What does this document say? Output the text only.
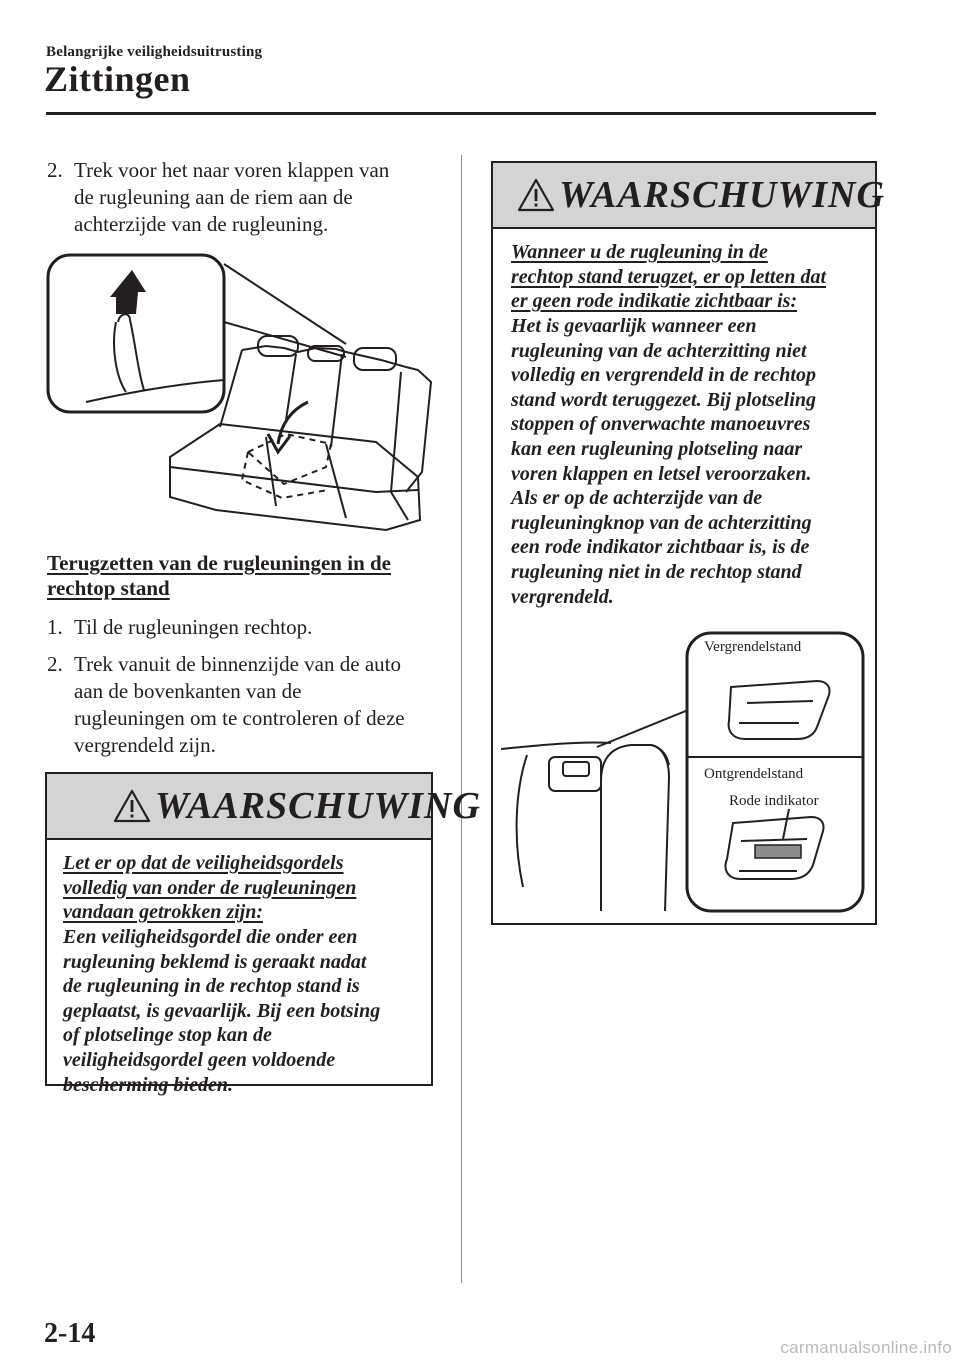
Belangrijke veiligheidsuitrusting
Zittingen
2. Trek voor het naar voren klappen van
de rugleuning aan de riem aan de
achterzijde van de rugleuning.
Terugzetten van de rugleuningen in de
rechtop stand
1. Til de rugleuningen rechtop.
2. Trek vanuit de binnenzijde van de auto
aan de bovenkanten van de
rugleuningen om te controleren of deze
vergrendeld zijn.
WAARSCHUWING
Let er op dat de veiligheidsgordels
volledig van onder de rugleuningen
vandaan getrokken zijn:
Een veiligheidsgordel die onder een
rugleuning beklemd is geraakt nadat
de rugleuning in de rechtop stand is
geplaatst, is gevaarlijk. Bij een botsing
of plotselinge stop kan de
veiligheidsgordel geen voldoende
bescherming bieden.
WAARSCHUWING
Wanneer u de rugleuning in de
rechtop stand terugzet, er op letten dat
er geen rode indikatie zichtbaar is:
Het is gevaarlijk wanneer een
rugleuning van de achterzitting niet
volledig en vergrendeld in de rechtop
stand wordt teruggezet. Bij plotseling
stoppen of onverwachte manoeuvres
kan een rugleuning plotseling naar
voren klappen en letsel veroorzaken.
Als er op de achterzijde van de
rugleuningknop van de achterzitting
een rode indikator zichtbaar is, is de
rugleuning niet in de rechtop stand
vergrendeld.
Vergrendelstand
Ontgrendelstand
Rode indikator
2-14	carmanualsonline.info
